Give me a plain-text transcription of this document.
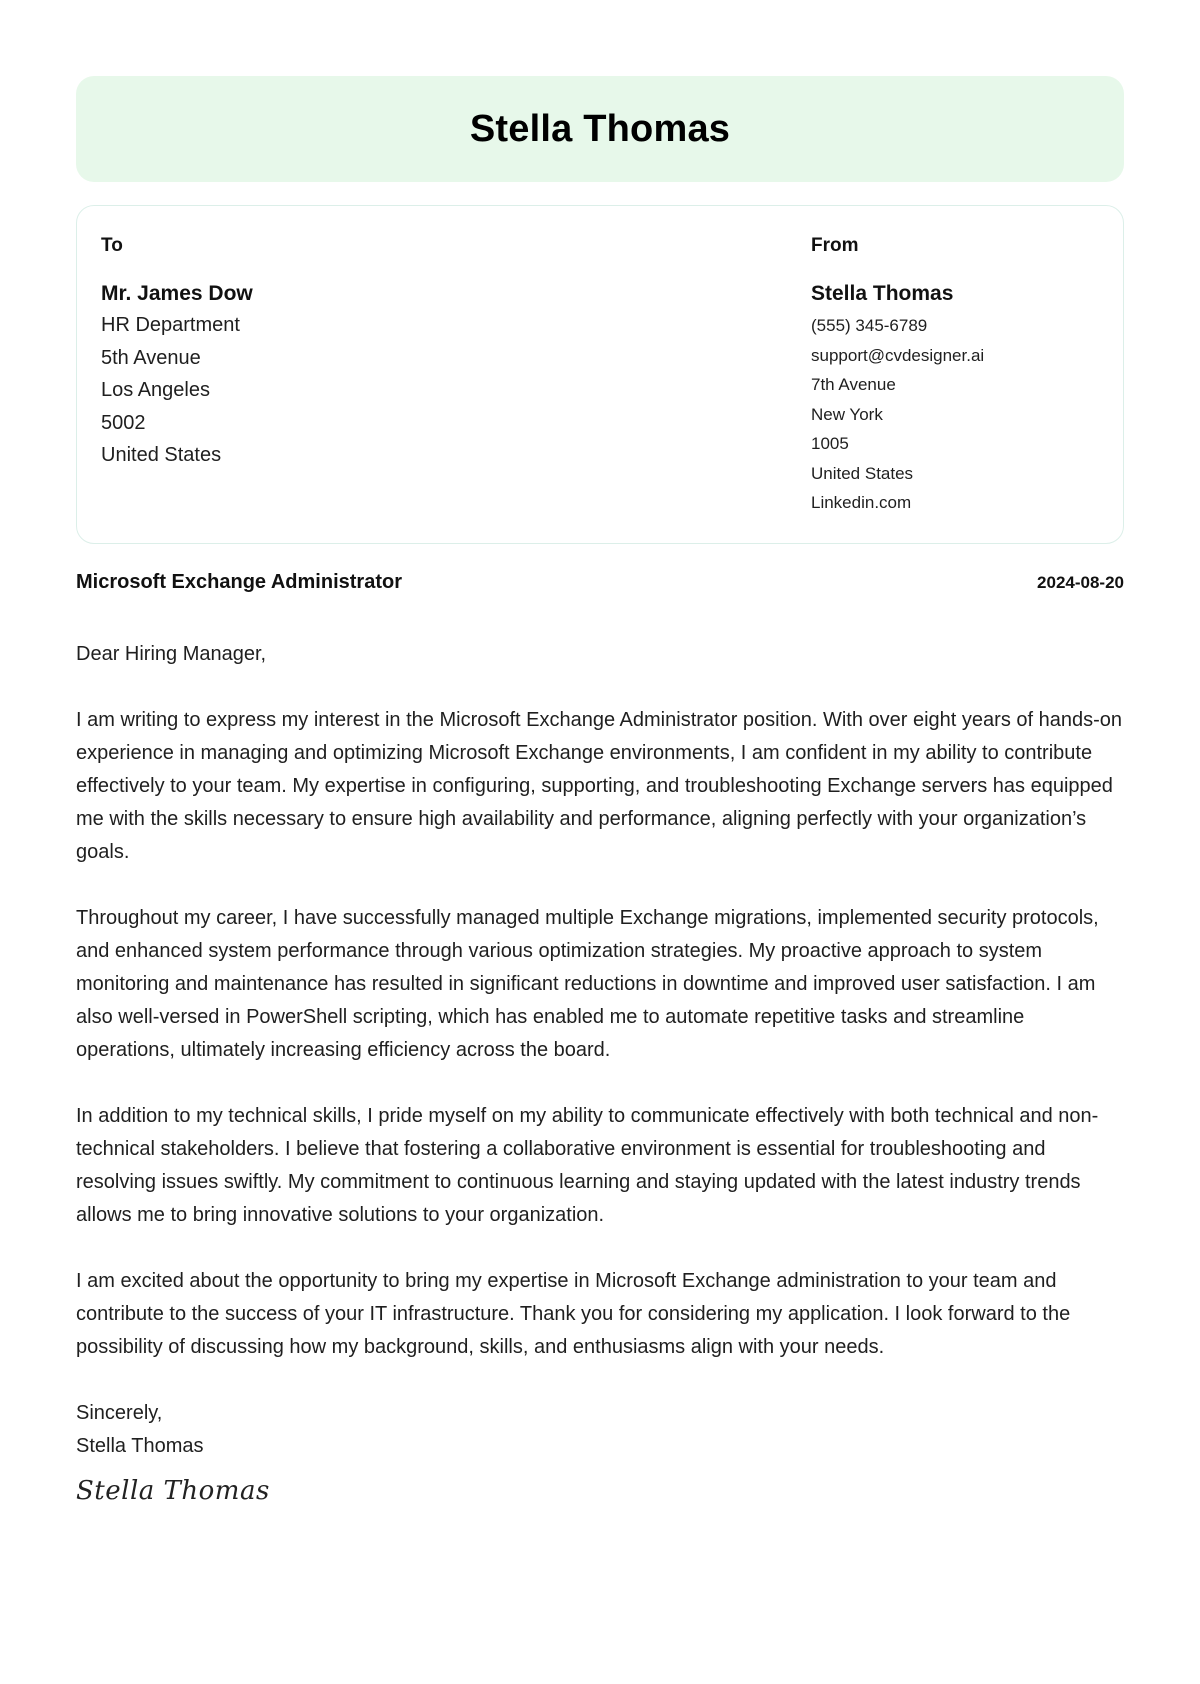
Stella Thomas
To
Mr. James Dow
HR Department
5th Avenue
Los Angeles
5002
United States
From
Stella Thomas
(555) 345-6789
support@cvdesigner.ai
7th Avenue
New York
1005
United States
Linkedin.com
Microsoft Exchange Administrator	2024-08-20

Dear Hiring Manager,

I am writing to express my interest in the Microsoft Exchange Administrator position. With over eight years of hands-on experience in managing and optimizing Microsoft Exchange environments, I am confident in my ability to contribute effectively to your team. My expertise in configuring, supporting, and troubleshooting Exchange servers has equipped me with the skills necessary to ensure high availability and performance, aligning perfectly with your organization’s goals.

Throughout my career, I have successfully managed multiple Exchange migrations, implemented security protocols, and enhanced system performance through various optimization strategies. My proactive approach to system monitoring and maintenance has resulted in significant reductions in downtime and improved user satisfaction. I am also well-versed in PowerShell scripting, which has enabled me to automate repetitive tasks and streamline operations, ultimately increasing efficiency across the board.

In addition to my technical skills, I pride myself on my ability to communicate effectively with both technical and non-technical stakeholders. I believe that fostering a collaborative environment is essential for troubleshooting and resolving issues swiftly. My commitment to continuous learning and staying updated with the latest industry trends allows me to bring innovative solutions to your organization.

I am excited about the opportunity to bring my expertise in Microsoft Exchange administration to your team and contribute to the success of your IT infrastructure. Thank you for considering my application. I look forward to the possibility of discussing how my background, skills, and enthusiasms align with your needs.

Sincerely,
Stella Thomas
Stella Thomas
